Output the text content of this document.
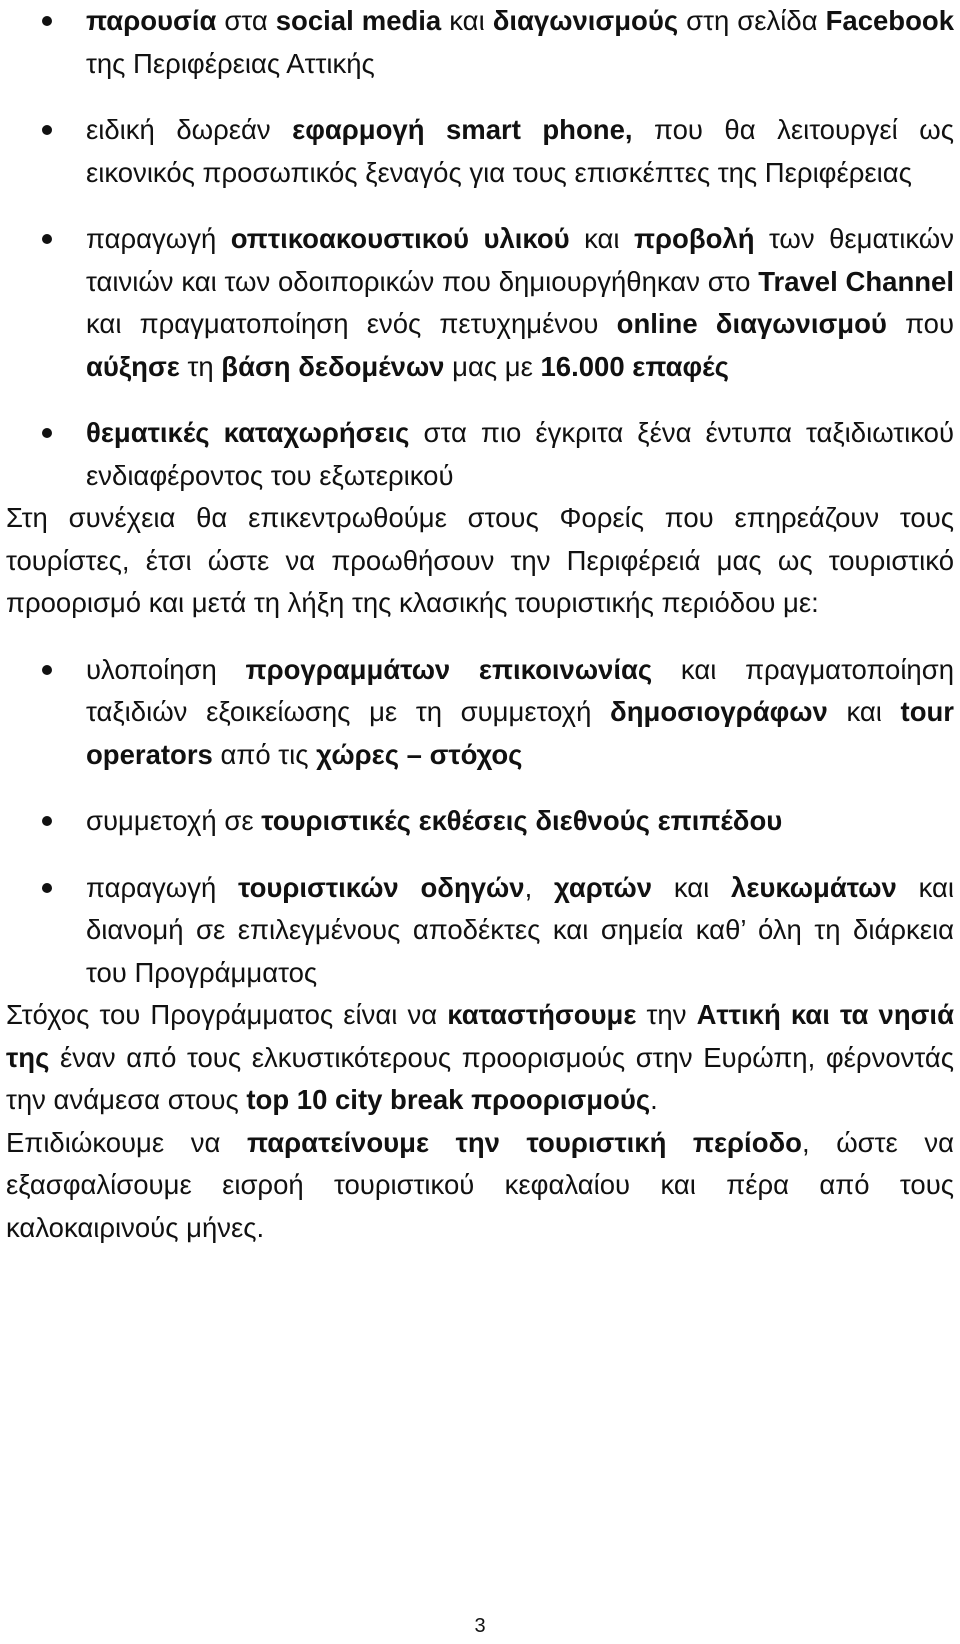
παρουσία στα social media και διαγωνισμούς στη σελίδα Facebook της Περιφέρειας Αττικής
ειδική δωρεάν εφαρμογή smart phone, που θα λειτουργεί ως εικονικός προσωπικός ξεναγός για τους επισκέπτες της Περιφέρειας
παραγωγή οπτικοακουστικού υλικού και προβολή των θεματικών ταινιών και των οδοιπορικών που δημιουργήθηκαν στο Travel Channel και πραγματοποίηση ενός πετυχημένου online διαγωνισμού που αύξησε τη βάση δεδομένων μας με 16.000 επαφές
θεματικές καταχωρήσεις στα πιο έγκριτα ξένα έντυπα ταξιδιωτικού ενδιαφέροντος του εξωτερικού

Στη συνέχεια θα επικεντρωθούμε στους Φορείς που επηρεάζουν τους τουρίστες, έτσι ώστε να προωθήσουν την Περιφέρειά μας ως τουριστικό προορισμό και μετά τη λήξη της κλασικής τουριστικής περιόδου με:

υλοποίηση προγραμμάτων επικοινωνίας και πραγματοποίηση ταξιδιών εξοικείωσης με τη συμμετοχή δημοσιογράφων και tour operators από τις χώρες – στόχος
συμμετοχή σε τουριστικές εκθέσεις διεθνούς επιπέδου
παραγωγή τουριστικών οδηγών, χαρτών και λευκωμάτων και διανομή σε επιλεγμένους αποδέκτες και σημεία καθ’ όλη τη διάρκεια του Προγράμματος

Στόχος του Προγράμματος είναι να καταστήσουμε την Αττική και τα νησιά της έναν από τους ελκυστικότερους προορισμούς στην Ευρώπη, φέρνοντάς την ανάμεσα στους top 10 city break προορισμούς.

Επιδιώκουμε να παρατείνουμε την τουριστική περίοδο, ώστε να εξασφαλίσουμε εισροή τουριστικού κεφαλαίου και πέρα από τους καλοκαιρινούς μήνες.

3
